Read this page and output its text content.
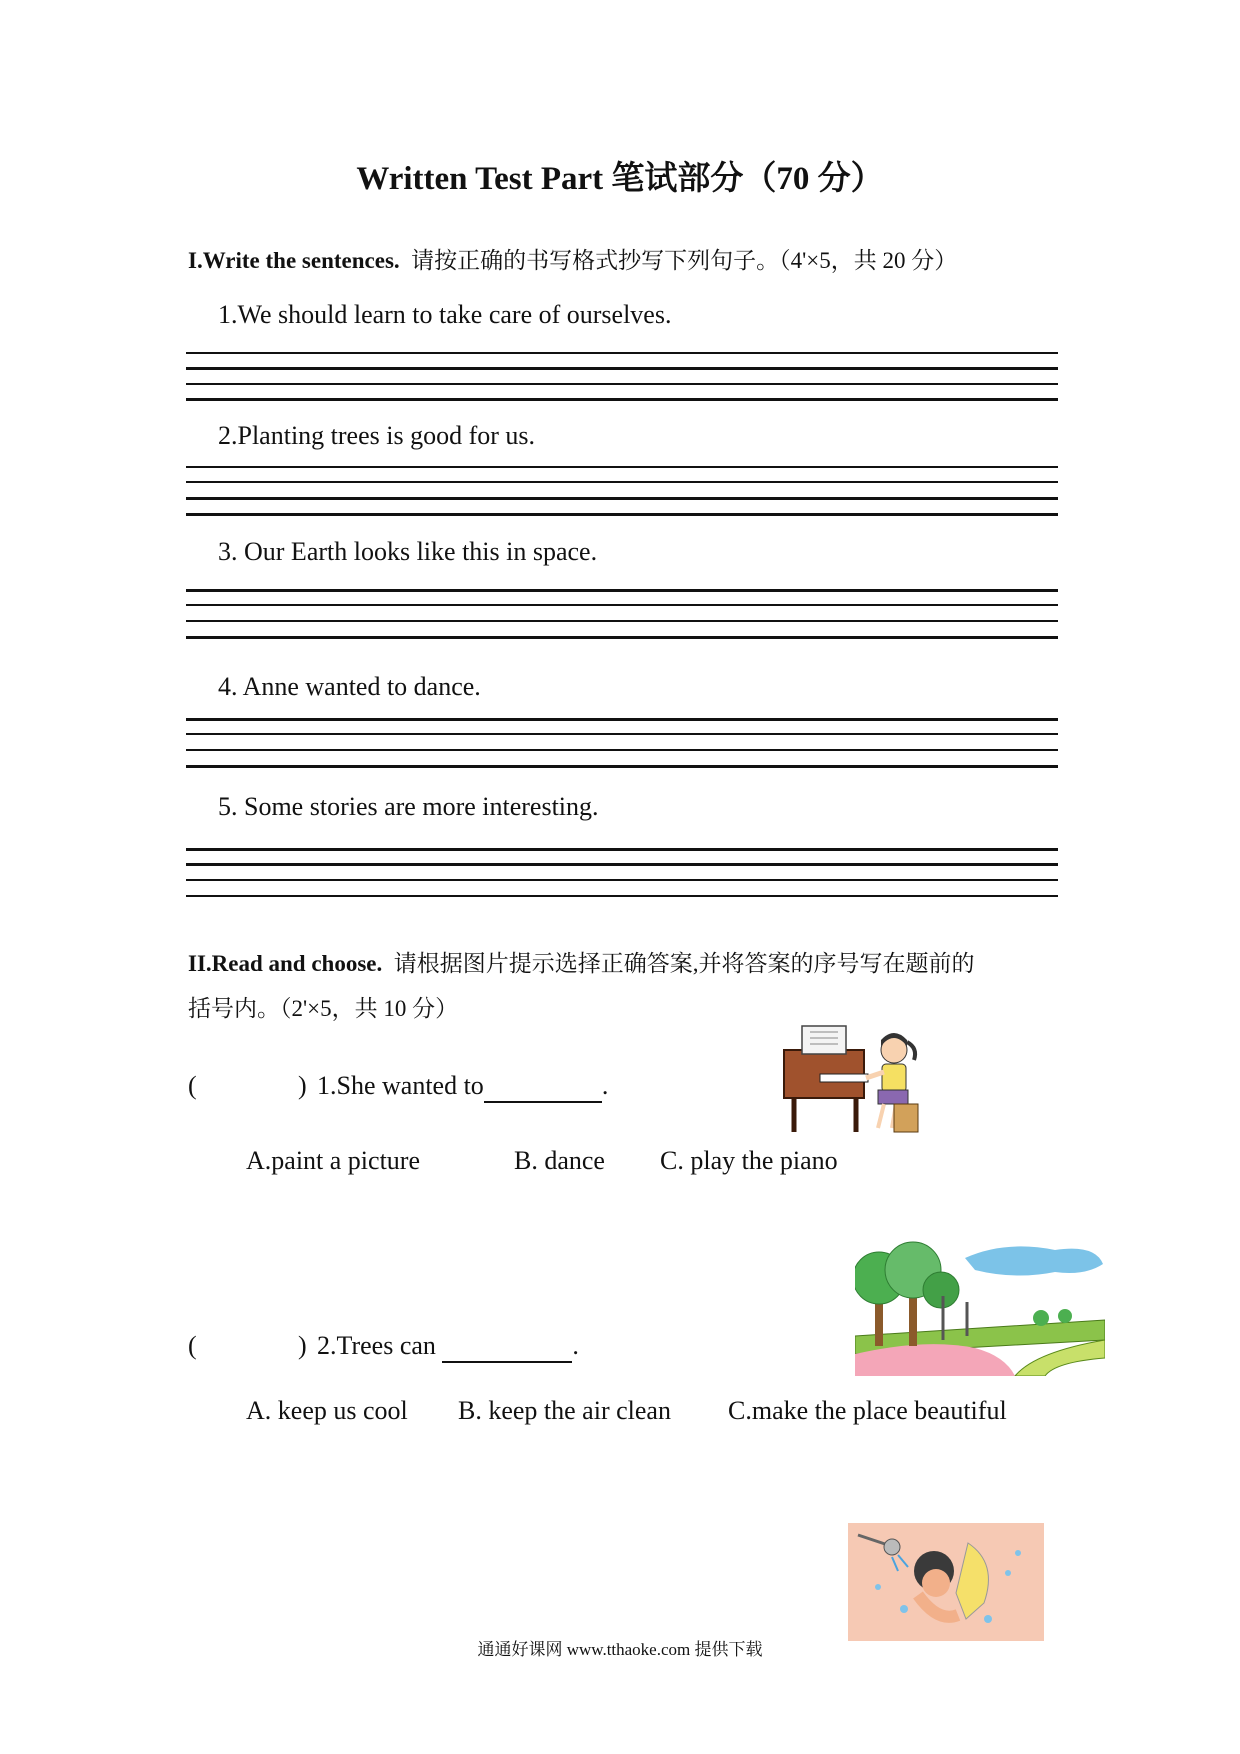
Written Test Part 笔试部分（70 分）
I.Write the sentences. 请按正确的书写格式抄写下列句子。（4'×5，共 20 分）
1.We should learn to take care of ourselves.
2.Planting trees is good for us.
3. Our Earth looks like this in space.
4. Anne wanted to dance.
5. Some stories are more interesting.
II.Read and choose. 请根据图片提示选择正确答案,并将答案的序号写在题前的
括号内。（2'×5，共 10 分）
(	) 1.She wanted to	.
A.paint a picture	B. dance C. play the piano
(	) 2.Trees can	.
A. keep us cool B. keep the air clean C.make the place beautiful
通通好课网 www.tthaoke.com 提供下载
